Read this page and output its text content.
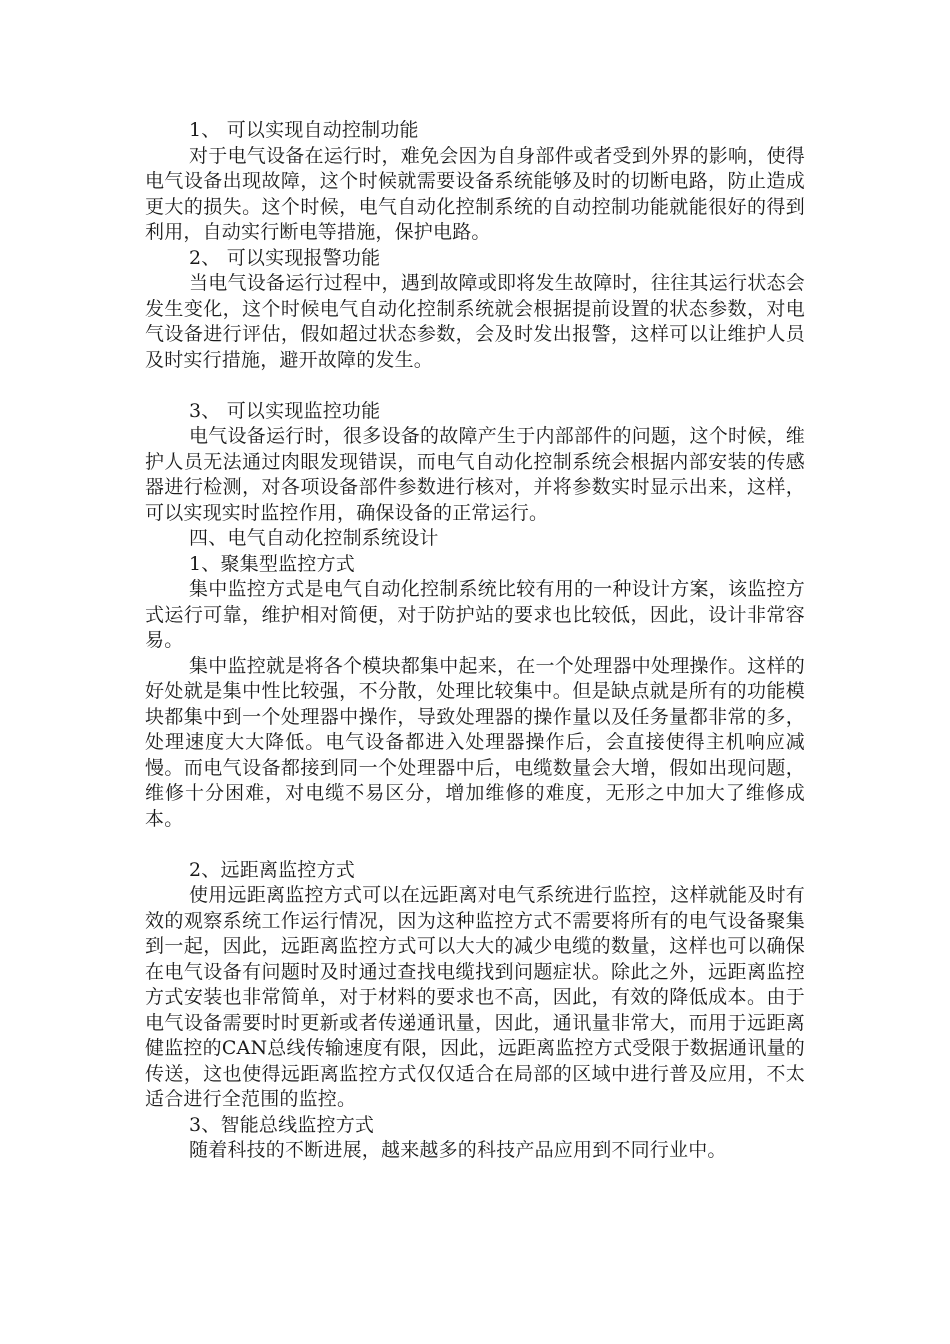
1、 可以实现自动控制功能

对于电气设备在运行时，难免会因为自身部件或者受到外界的影响，使得电气设备出现故障，这个时候就需要设备系统能够及时的切断电路，防止造成更大的损失。这个时候，电气自动化控制系统的自动控制功能就能很好的得到利用，自动实行断电等措施，保护电路。

2、 可以实现报警功能

当电气设备运行过程中，遇到故障或即将发生故障时，往往其运行状态会发生变化，这个时候电气自动化控制系统就会根据提前设置的状态参数，对电气设备进行评估，假如超过状态参数，会及时发出报警，这样可以让维护人员及时实行措施，避开故障的发生。

3、 可以实现监控功能

电气设备运行时，很多设备的故障产生于内部部件的问题，这个时候，维护人员无法通过肉眼发现错误，而电气自动化控制系统会根据内部安装的传感器进行检测，对各项设备部件参数进行核对，并将参数实时显示出来，这样，可以实现实时监控作用，确保设备的正常运行。

四、电气自动化控制系统设计

1、聚集型监控方式

集中监控方式是电气自动化控制系统比较有用的一种设计方案，该监控方式运行可靠，维护相对简便，对于防护站的要求也比较低，因此，设计非常容易。

集中监控就是将各个模块都集中起来，在一个处理器中处理操作。这样的好处就是集中性比较强，不分散，处理比较集中。但是缺点就是所有的功能模块都集中到一个处理器中操作，导致处理器的操作量以及任务量都非常的多，处理速度大大降低。电气设备都进入处理器操作后，会直接使得主机响应减慢。而电气设备都接到同一个处理器中后，电缆数量会大增，假如出现问题，维修十分困难，对电缆不易区分，增加维修的难度，无形之中加大了维修成本。

2、远距离监控方式

使用远距离监控方式可以在远距离对电气系统进行监控，这样就能及时有效的观察系统工作运行情况，因为这种监控方式不需要将所有的电气设备聚集到一起，因此，远距离监控方式可以大大的减少电缆的数量，这样也可以确保在电气设备有问题时及时通过查找电缆找到问题症状。除此之外，远距离监控方式安装也非常简单，对于材料的要求也不高，因此，有效的降低成本。由于电气设备需要时时更新或者传递通讯量，因此，通讯量非常大，而用于远距离健监控的CAN总线传输速度有限，因此，远距离监控方式受限于数据通讯量的传送，这也使得远距离监控方式仅仅适合在局部的区域中进行普及应用，不太适合进行全范围的监控。

3、智能总线监控方式

随着科技的不断进展，越来越多的科技产品应用到不同行业中。
